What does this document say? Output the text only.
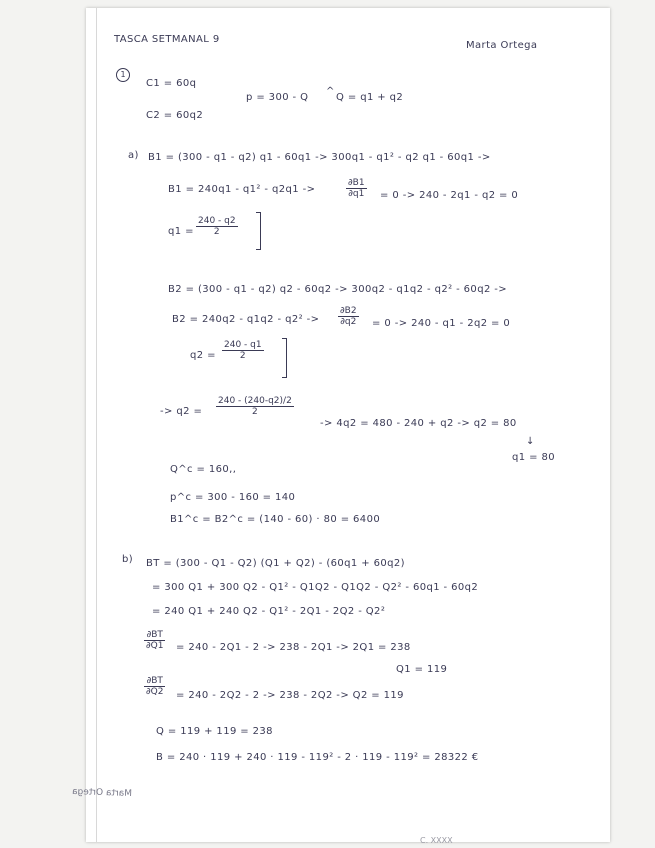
TASCA SETMANAL 9
Marta Ortega
1
C1 = 60q
C2 = 60q2
p = 300 - Q
^
Q = q1 + q2
a) B1 = (300 - q1 - q2) q1 - 60q1 -> 300q1 - q1² - q2 q1 - 60q1 ->
B1 = 240q1 - q1² - q2q1 ->	$\frac{\partial B1}{\partial q1} = 0 -> 240 - 2q1 - q2 = 0$
$q1 = \frac{240 - q2}{2}$
B2 = (300 - q1 - q2) q2 - 60q2 -> 300q2 - q1q2 - q2² - 60q2 ->
$B2 = 240q2 - q1q2 - q2^2 -> \frac{\partial B2}{\partial q2} = 0 -> 240 - q1 - 2q2 = 0$
$q2 = \frac{240 - q1}{2}$
-> $q2 = \frac{240 - (240-q2)/2}{2}$
-> 4q2 = 480 - 240 + q2 -> q2 = 80
↓
q1 = 80
Q^c = 160,,
p^c = 300 - 160 = 140
B1^c = B2^c = (140 - 60) · 80 = 6400
b) BT = (300 - Q1 - Q2) (Q1 + Q2) - (60q1 + 60q2)
= 300 Q1 + 300 Q2 - Q1² - Q1Q2 - Q1Q2 - Q2² - 60q1 - 60q2
= 240 Q1 + 240 Q2 - Q1² - 2Q1 - 2Q2 - Q2²
$\frac{\partial BT}{\partial Q1} = 240 - 2Q1 - 2 -> 238 - 2Q1 -> 2Q1 = 238$
Q1 = 119
$\frac{\partial BT}{\partial Q2} = 240 - 2Q2 - 2 -> 238 - 2Q2 -> Q2 = 119$
Q = 119 + 119 = 238
B = 240 · 119 + 240 · 119 - 119² - 2 · 119 - 119² = 28322 €
Marta Ortega
C. XXXX
